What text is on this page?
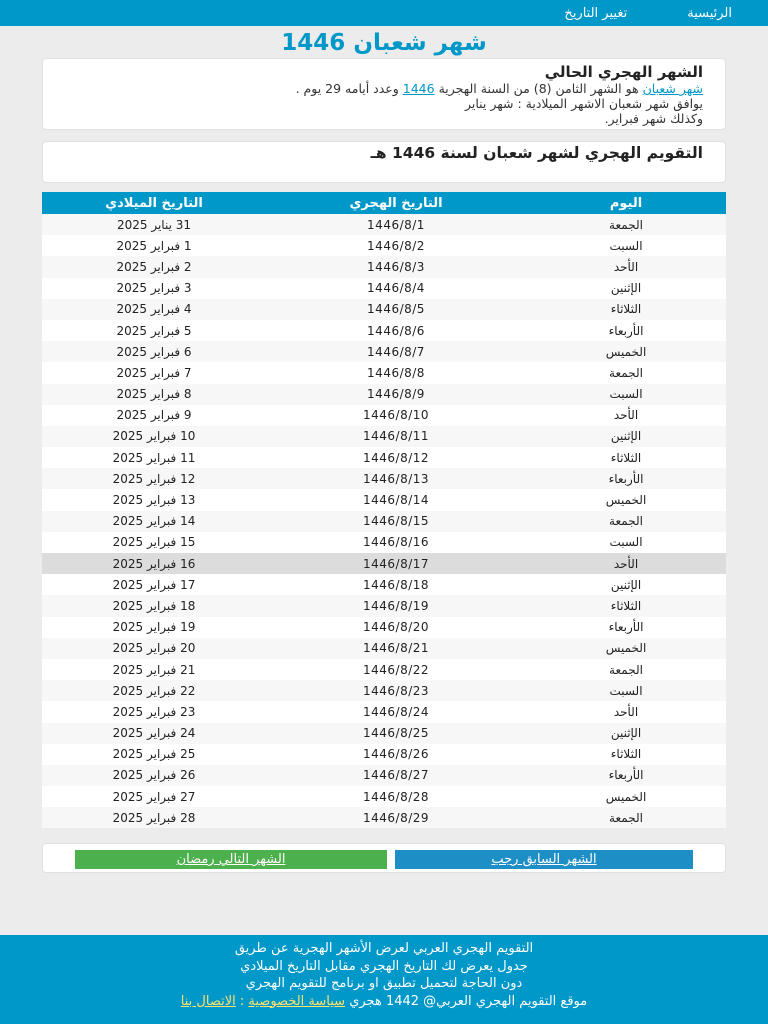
الرئيسية
تغيير التاريخ
شهر شعبان 1446
الشهر الهجري الحالي

شهر شعبان هو الشهر الثامن (8) من السنة الهجرية 1446 وعدد أيامه 29 يوم .

يوافق شهر شعبان الاشهر الميلادية : شهر يناير

وكذلك شهر فبراير.

التقويم الهجري لشهر شعبان لسنة 1446 هـ
اليوم	التاريخ الهجري	التاريخ الميلادي
الجمعة	1446/8/1	31 يناير 2025
السبت	1446/8/2	1 فبراير 2025
الأحد	1446/8/3	2 فبراير 2025
الإثنين	1446/8/4	3 فبراير 2025
الثلاثاء	1446/8/5	4 فبراير 2025
الأربعاء	1446/8/6	5 فبراير 2025
الخميس	1446/8/7	6 فبراير 2025
الجمعة	1446/8/8	7 فبراير 2025
السبت	1446/8/9	8 فبراير 2025
الأحد	1446/8/10	9 فبراير 2025
الإثنين	1446/8/11	10 فبراير 2025
الثلاثاء	1446/8/12	11 فبراير 2025
الأربعاء	1446/8/13	12 فبراير 2025
الخميس	1446/8/14	13 فبراير 2025
الجمعة	1446/8/15	14 فبراير 2025
السبت	1446/8/16	15 فبراير 2025
الأحد	1446/8/17	16 فبراير 2025
الإثنين	1446/8/18	17 فبراير 2025
الثلاثاء	1446/8/19	18 فبراير 2025
الأربعاء	1446/8/20	19 فبراير 2025
الخميس	1446/8/21	20 فبراير 2025
الجمعة	1446/8/22	21 فبراير 2025
السبت	1446/8/23	22 فبراير 2025
الأحد	1446/8/24	23 فبراير 2025
الإثنين	1446/8/25	24 فبراير 2025
الثلاثاء	1446/8/26	25 فبراير 2025
الأربعاء	1446/8/27	26 فبراير 2025
الخميس	1446/8/28	27 فبراير 2025
الجمعة	1446/8/29	28 فبراير 2025
الشهر السابق رجب
الشهر التالي رمضان
التقويم الهجري العربي لعرض الأشهر الهجرية عن طريق
جدول يعرض لك التاريخ الهجري مقابل التاريخ الميلادي
دون الحاجة لتحميل تطبيق او برنامج للتقويم الهجري
موقع التقويم الهجري العربي@ 1442 هجري سياسة الخصوصية : الاتصال بنا
